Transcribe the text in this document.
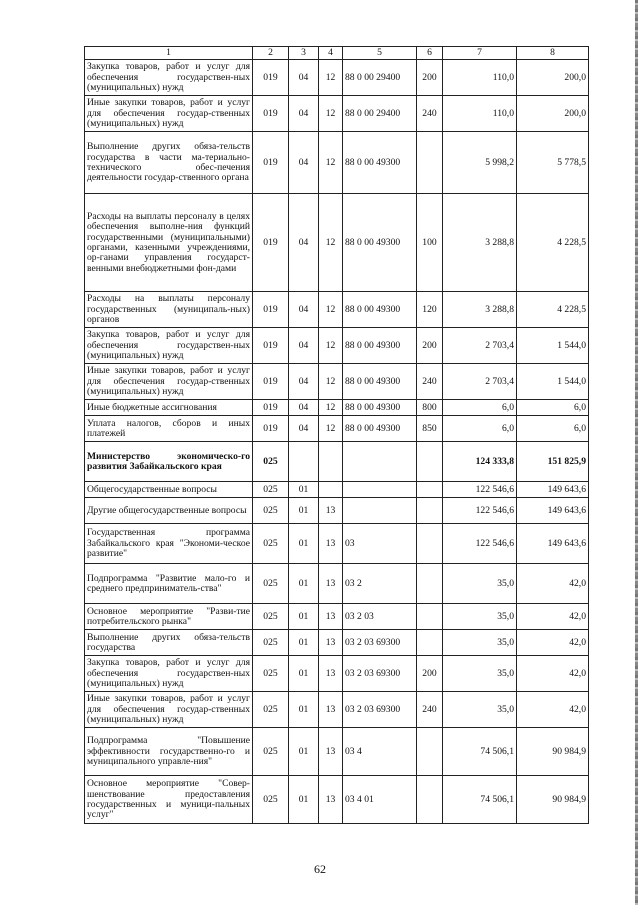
1	2	3	4	5	6	7	8
Закупка товаров, работ и услуг для обеспечения государствен-ных (муниципальных) нужд	019	04	12	88 0 00 29400	200	110,0	200,0
Иные закупки товаров, работ и услуг для обеспечения государ-ственных (муниципальных) нужд	019	04	12	88 0 00 29400	240	110,0	200,0
Выполнение других обяза-тельств государства в части ма-териально-технического обес-печения деятельности государ-ственного органа	019	04	12	88 0 00 49300		5 998,2	5 778,5
Расходы на выплаты персоналу в целях обеспечения выполне-ния функций государственными (муниципальными) органами, казенными учреждениями, ор-ганами управления государст-венными внебюджетными фон-дами	019	04	12	88 0 00 49300	100	3 288,8	4 228,5
Расходы на выплаты персоналу государственных (муниципаль-ных) органов	019	04	12	88 0 00 49300	120	3 288,8	4 228,5
Закупка товаров, работ и услуг для обеспечения государствен-ных (муниципальных) нужд	019	04	12	88 0 00 49300	200	2 703,4	1 544,0
Иные закупки товаров, работ и услуг для обеспечения государ-ственных (муниципальных) нужд	019	04	12	88 0 00 49300	240	2 703,4	1 544,0
Иные бюджетные ассигнования	019	04	12	88 0 00 49300	800	6,0	6,0
Уплата налогов, сборов и иных платежей	019	04	12	88 0 00 49300	850	6,0	6,0
Министерство экономическо-го развития Забайкальского края	025					124 333,8	151 825,9
Общегосударственные вопросы	025	01				122 546,6	149 643,6
Другие общегосударственные вопросы	025	01	13			122 546,6	149 643,6
Государственная программа Забайкальского края "Экономи-ческое развитие"	025	01	13	03		122 546,6	149 643,6
Подпрограмма "Развитие мало-го и среднего предприниматель-ства"	025	01	13	03 2		35,0	42,0
Основное мероприятие "Разви-тие потребительского рынка"	025	01	13	03 2 03		35,0	42,0
Выполнение других обяза-тельств государства	025	01	13	03 2 03 69300		35,0	42,0
Закупка товаров, работ и услуг для обеспечения государствен-ных (муниципальных) нужд	025	01	13	03 2 03 69300	200	35,0	42,0
Иные закупки товаров, работ и услуг для обеспечения государ-ственных (муниципальных) нужд	025	01	13	03 2 03 69300	240	35,0	42,0
Подпрограмма "Повышение эффективности государственно-го и муниципального управле-ния"	025	01	13	03 4		74 506,1	90 984,9
Основное мероприятие "Совер-шенствование предоставления государственных и муници-пальных услуг"	025	01	13	03 4 01		74 506,1	90 984,9
62
